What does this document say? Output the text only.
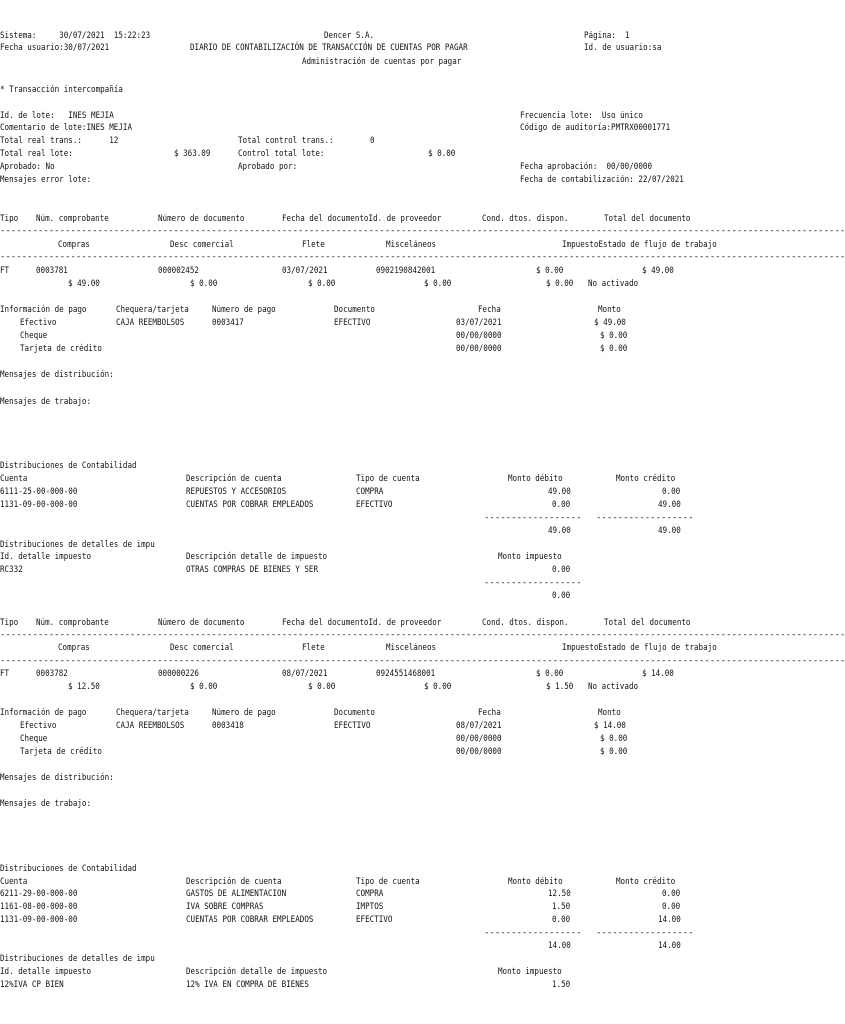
Sistema:     30/07/2021  15:22:23
Fecha usuario:30/07/2021
Dencer S.A.
DIARIO DE CONTABILIZACIÓN DE TRANSACCIÓN DE CUENTAS POR PAGAR
Administración de cuentas por pagar
Página:  1
Id. de usuario:sa
* Transacción intercompañía
Id. de lote:   INES MEJIA
Comentario de lote:INES MEJIA
Total real trans.:      12
Total real lote:	$ 363.09
Aprobado: No
Mensajes error lote:
Total control trans.:        0
Control total lote:	$ 0.00
Aprobado por:
Frecuencia lote:  Uso único
Código de auditoría:PMTRX00001771
Fecha aprobación:  00/00/0000
Fecha de contabilización: 22/07/2021
Tipo Núm. comprobante	Número de documento	Fecha del documentoId. de proveedor	Cond. dtos. dispon.	Total del documento
------------------------------------------------------------------------------------------------------------------------------------------------------------
Compras	Desc comercial	Flete	Misceláneos	ImpuestoEstado de flujo de trabajo
------------------------------------------------------------------------------------------------------------------------------------------------------------
FT	0003781	000002452	03/07/2021	0902190842001	$ 0.00	$ 49.00
$ 49.00	$ 0.00	$ 0.00	$ 0.00	$ 0.00 No activado
Información de pago	Chequera/tarjeta	Número de pago	Documento	Fecha	Monto
Efectivo	CAJA REEMBOLSOS	0003417	EFECTIVO	03/07/2021	$ 49.00
Cheque	00/00/0000	$ 0.00
Tarjeta de crédito	00/00/0000	$ 0.00
Mensajes de distribución:
Mensajes de trabajo:
Distribuciones de Contabilidad
Cuenta	Descripción de cuenta	Tipo de cuenta	Monto débito	Monto crédito
6111-25-00-000-00	REPUESTOS Y ACCESORIOS	COMPRA	49.00	0.00
1131-09-00-000-00	CUENTAS POR COBRAR EMPLEADOS	EFECTIVO	0.00	49.00
------------------ ------------------
49.00	49.00
Distribuciones de detalles de impu
Id. detalle impuesto	Descripción detalle de impuesto	Monto impuesto
RC332	OTRAS COMPRAS DE BIENES Y SER	0.00
------------------
0.00
Tipo Núm. comprobante	Número de documento	Fecha del documentoId. de proveedor	Cond. dtos. dispon.	Total del documento
------------------------------------------------------------------------------------------------------------------------------------------------------------
Compras	Desc comercial	Flete	Misceláneos	ImpuestoEstado de flujo de trabajo
------------------------------------------------------------------------------------------------------------------------------------------------------------
FT	0003782	000000226	08/07/2021	0924551468001	$ 0.00	$ 14.00
$ 12.50	$ 0.00	$ 0.00	$ 0.00	$ 1.50 No activado
Información de pago	Chequera/tarjeta	Número de pago	Documento	Fecha	Monto
Efectivo	CAJA REEMBOLSOS	0003418	EFECTIVO	08/07/2021	$ 14.00
Cheque	00/00/0000	$ 0.00
Tarjeta de crédito	00/00/0000	$ 0.00
Mensajes de distribución:
Mensajes de trabajo:
Distribuciones de Contabilidad
Cuenta	Descripción de cuenta	Tipo de cuenta	Monto débito	Monto crédito
6211-29-00-000-00	GASTOS DE ALIMENTACION	COMPRA	12.50	0.00
1161-08-00-000-00	IVA SOBRE COMPRAS	IMPTOS	1.50	0.00
1131-09-00-000-00	CUENTAS POR COBRAR EMPLEADOS	EFECTIVO	0.00	14.00
------------------ ------------------
14.00	14.00
Distribuciones de detalles de impu
Id. detalle impuesto	Descripción detalle de impuesto	Monto impuesto
12%IVA CP BIEN	12% IVA EN COMPRA DE BIENES	1.50
